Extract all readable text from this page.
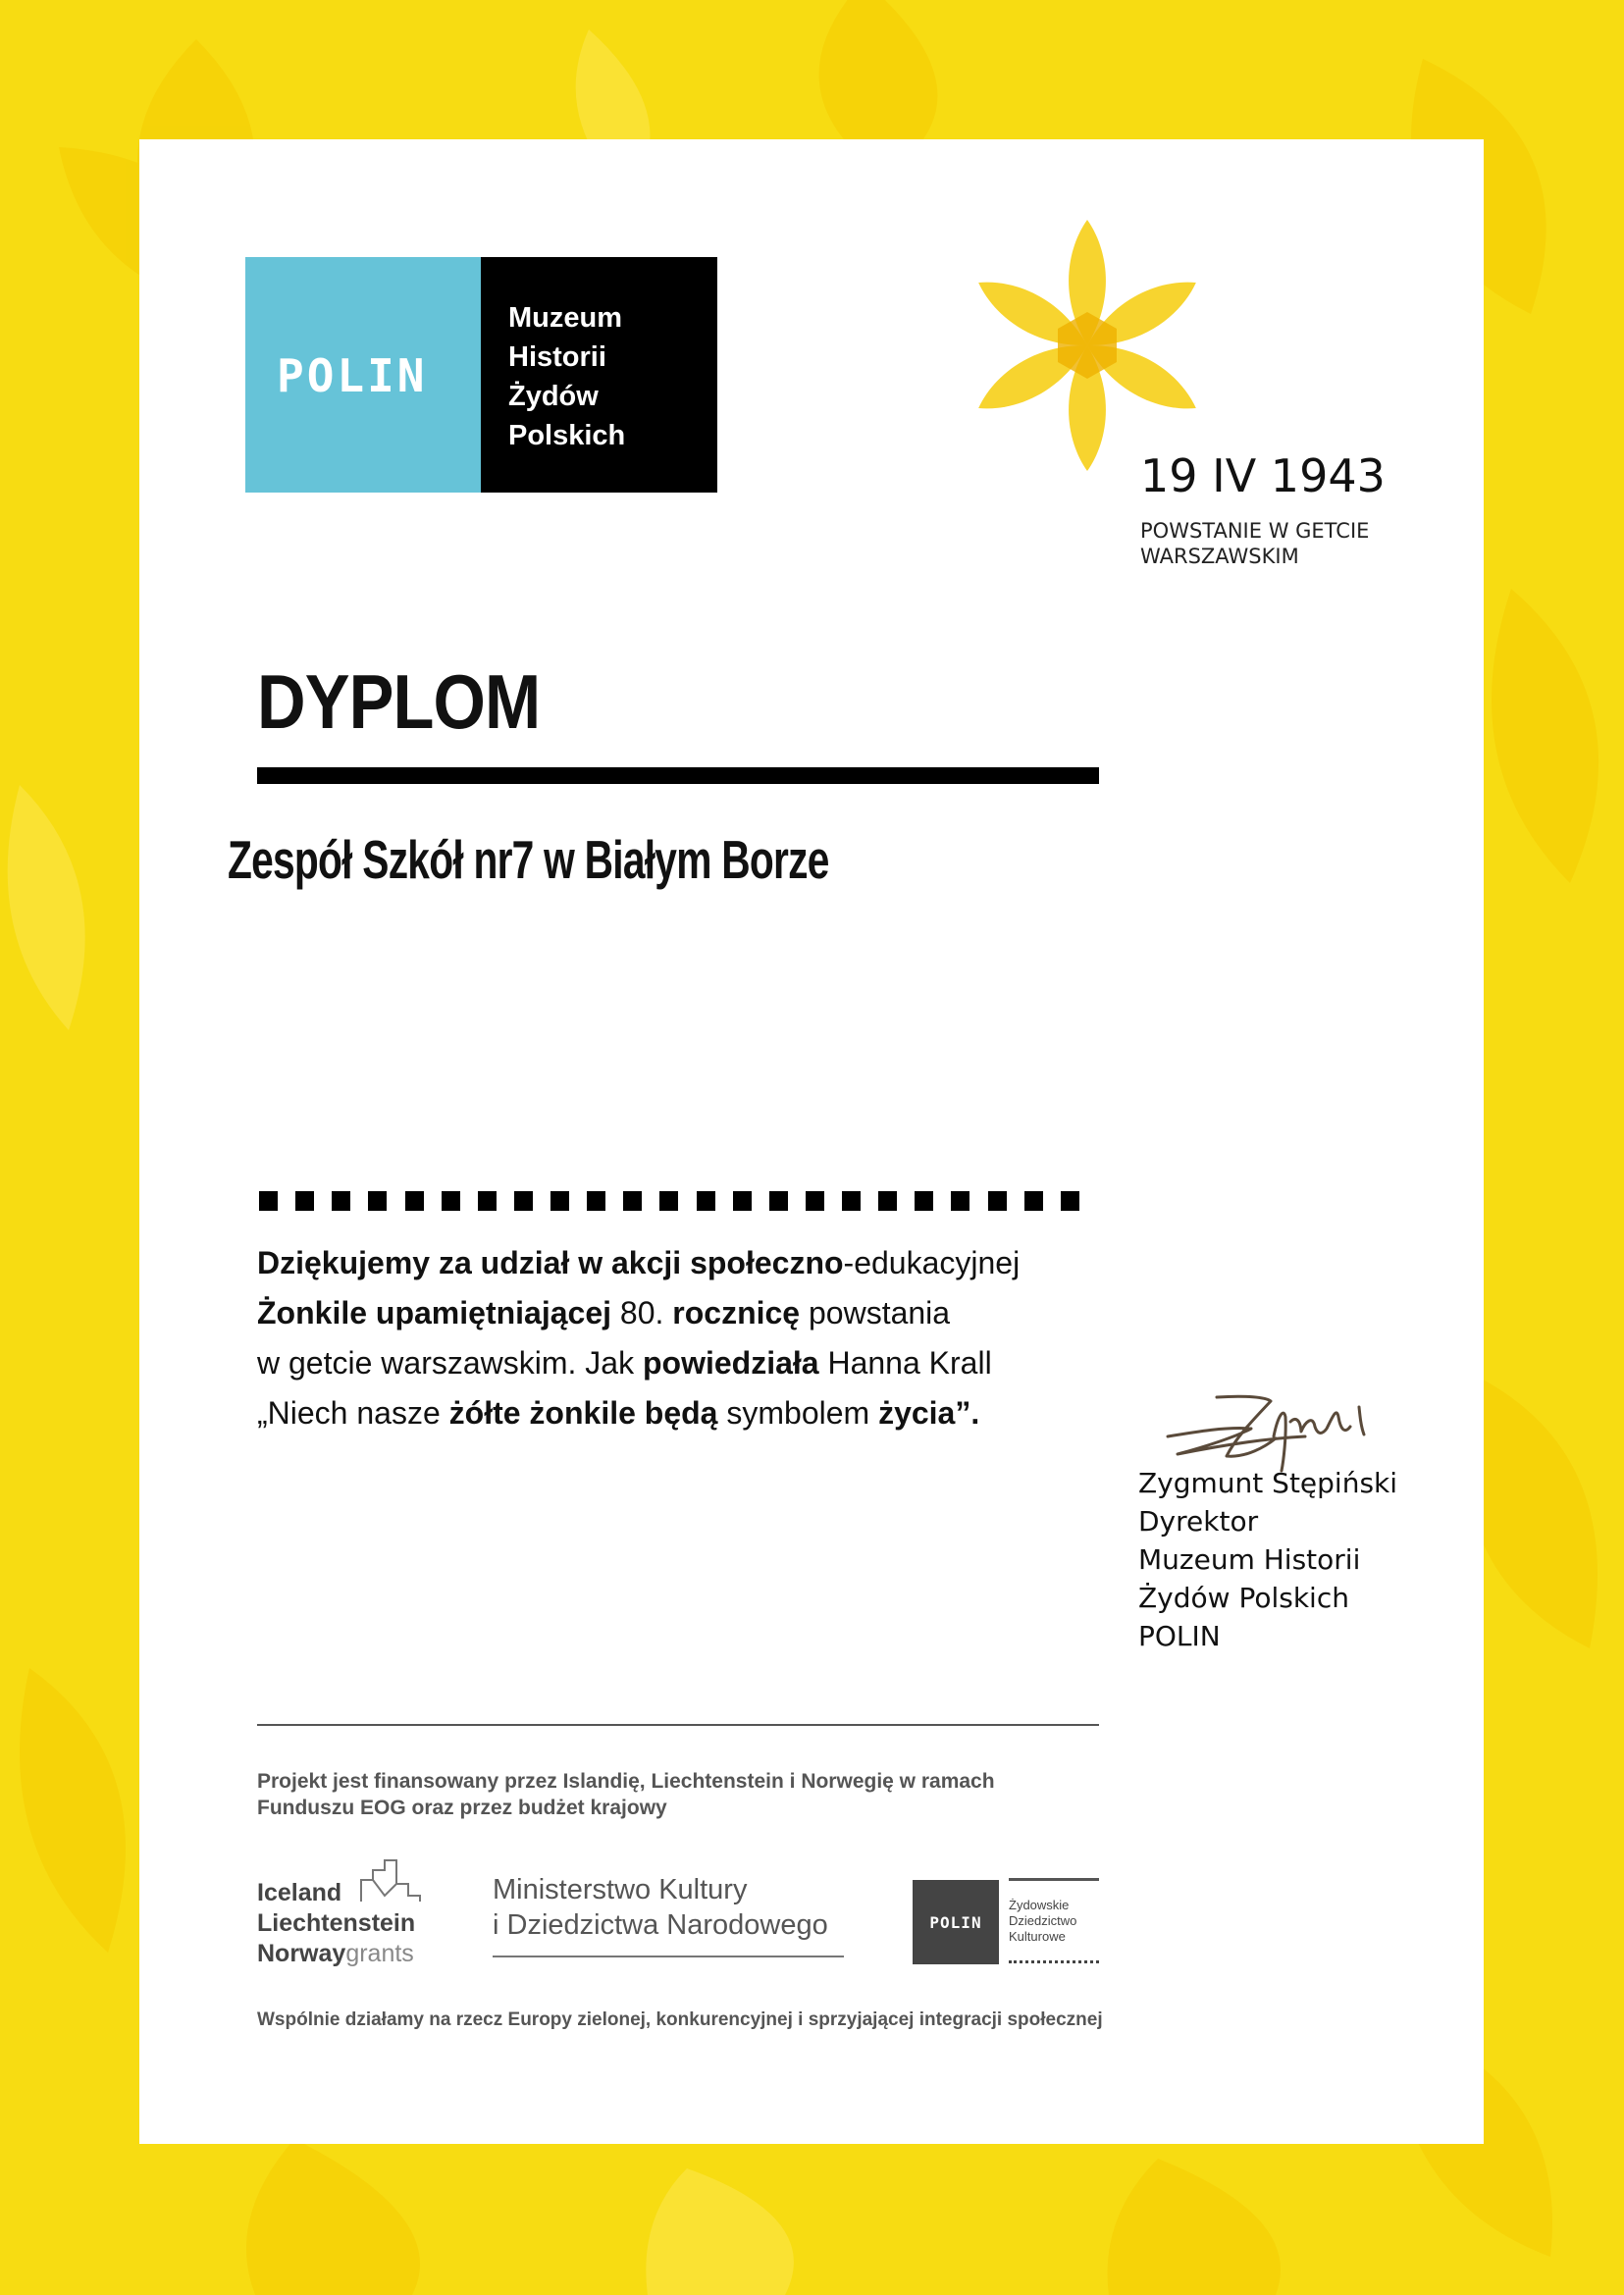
POLIN
Muzeum
Historii
Żydów
Polskich
19 IV 1943
POWSTANIE W GETCIE
WARSZAWSKIM
DYPLOM
Zespół Szkół nr7 w Białym Borze

Dziękujemy za udział w akcji społeczno-edukacyjnej

Żonkile upamiętniającej 80. rocznicę powstania

w getcie warszawskim. Jak powiedziała Hanna Krall

„Niech nasze żółte żonkile będą symbolem życia”.

Zygmunt Stępiński
Dyrektor
Muzeum Historii
Żydów Polskich
POLIN
Projekt jest finansowany przez Islandię, Liechtenstein i Norwegię w ramach
Funduszu EOG oraz przez budżet krajowy
Iceland
Liechtenstein
Norwaygrants
Ministerstwo Kultury
i Dziedzictwa Narodowego	POLIN
Żydowskie
Dziedzictwo
Kulturowe
Wspólnie działamy na rzecz Europy zielonej, konkurencyjnej i sprzyjającej integracji społecznej
